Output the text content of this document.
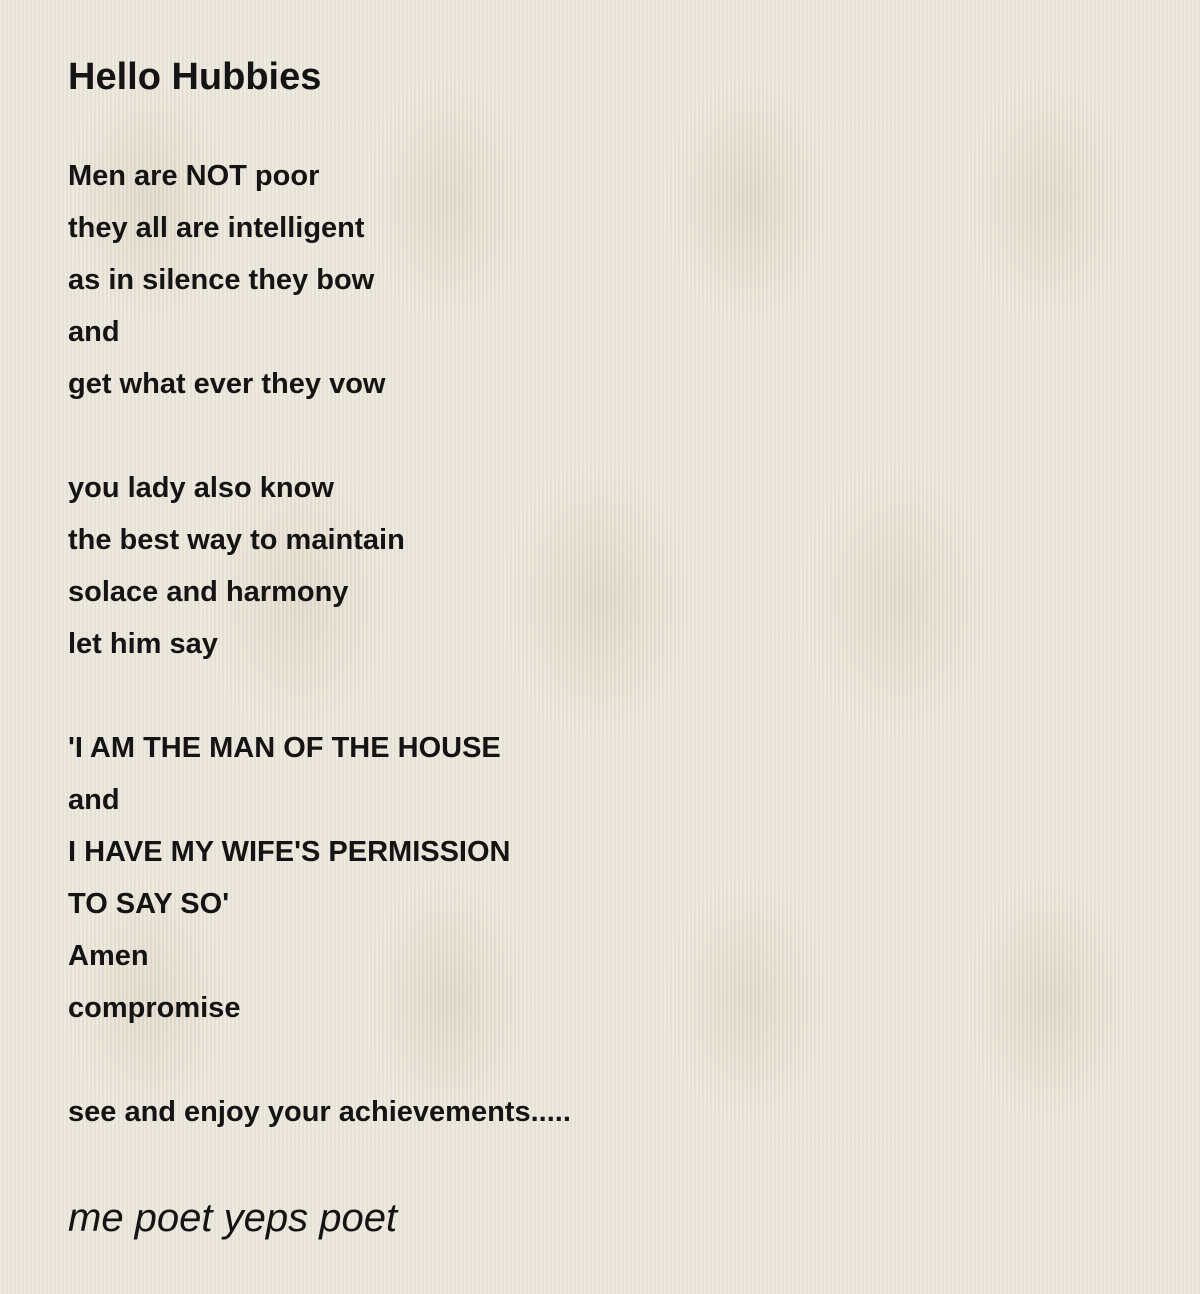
Hello Hubbies
Men are NOT poor
they all are intelligent
as in silence they bow
and
get what ever they vow
you lady also know
the best way to maintain
solace and harmony
let him say
'I AM THE MAN OF THE HOUSE
and
I HAVE MY WIFE'S PERMISSION
TO SAY SO'
Amen
compromise
see and enjoy your achievements.....

me poet yeps poet
